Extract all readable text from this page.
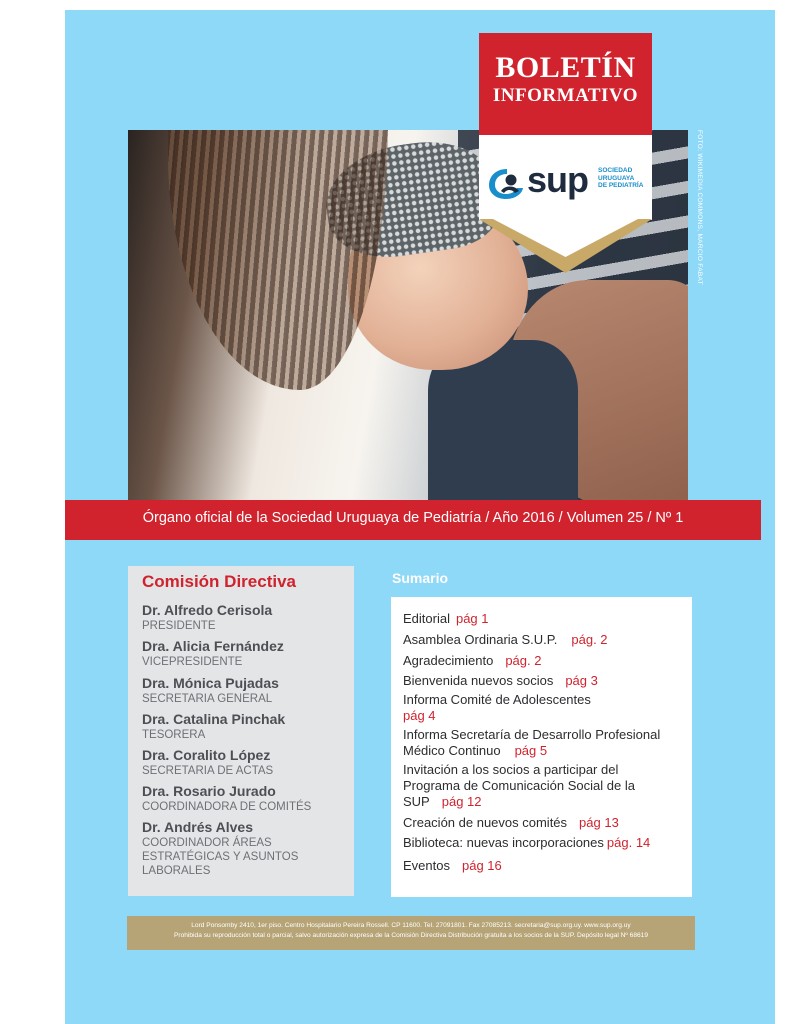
FOTO: WIKIMEDIA COMMONS, MARCIO FABAT
BOLETÍN
INFORMATIVO
sup SOCIEDAD
URUGUAYA
DE PEDIATRÍA
Órgano oficial de la Sociedad Uruguaya de Pediatría / Año 2016 / Volumen 25 / Nº 1
Comisión Directiva
Dr. Alfredo Cerisola
PRESIDENTE
Dra. Alicia Fernández
VICEPRESIDENTE
Dra. Mónica Pujadas
SECRETARIA GENERAL
Dra. Catalina Pinchak
TESORERA
Dra. Coralito López
SECRETARIA DE ACTAS
Dra. Rosario Jurado
COORDINADORA DE COMITÉS
Dr. Andrés Alves
COORDINADOR ÁREAS ESTRATÉGICAS Y ASUNTOS LABORALES
Sumario
Editorial pág 1
Asamblea Ordinaria S.U.P. pág. 2
Agradecimiento pág. 2
Bienvenida nuevos socios pág 3
Informa Comité de Adolescentes
pág 4
Informa Secretaría de Desarrollo Profesional Médico Continuo pág 5
Invitación a los socios a participar del Programa de Comunicación Social de la SUP pág 12
Creación de nuevos comités pág 13
Biblioteca: nuevas incorporaciones pág. 14
Eventos pág 16
Lord Ponsomby 2410, 1er piso. Centro Hospitalario Pereira Rossell. CP 11600. Tel. 27091801. Fax 27085213. secretaria@sup.org.uy. www.sup.org.uy
Prohibida su reproducción total o parcial, salvo autorización expresa de la Comisión Directiva Distribución gratuita a los socios de la SUP. Depósito legal Nº 68619
